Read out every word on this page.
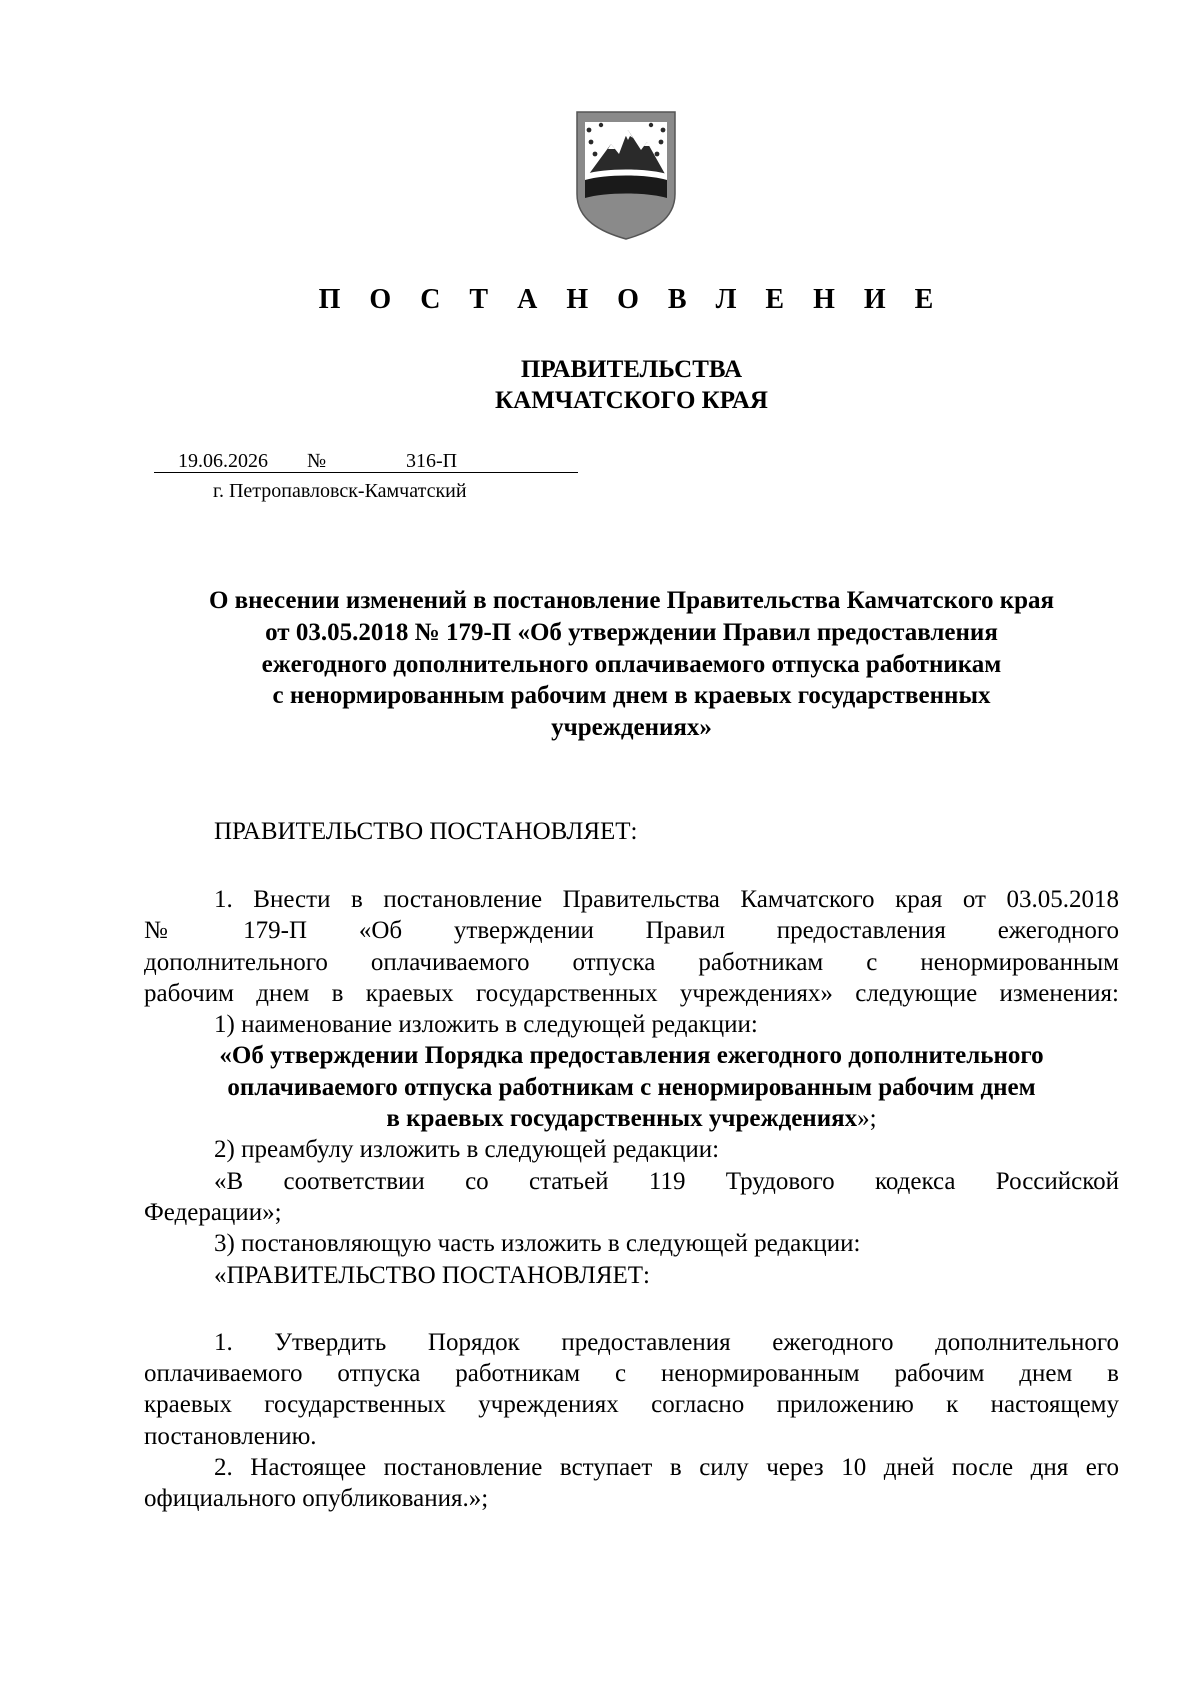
П О С Т А Н О В Л Е Н И Е
ПРАВИТЕЛЬСТВА
КАМЧАТСКОГО КРАЯ
19.06.2026 №	316-П
г. Петропавловск-Камчатский
О внесении изменений в постановление Правительства Камчатского края
от 03.05.2018 № 179-П «Об утверждении Правил предоставления
ежегодного дополнительного оплачиваемого отпуска работникам
с ненормированным рабочим днем в краевых государственных
учреждениях»

ПРАВИТЕЛЬСТВО ПОСТАНОВЛЯЕТ:

1. Внести в постановление Правительства Камчатского края от 03.05.2018

№ 179-П «Об утверждении Правил предоставления ежегодного

дополнительного оплачиваемого отпуска работникам с ненормированным

рабочим днем в краевых государственных учреждениях» следующие изменения:

1) наименование изложить в следующей редакции:

«Об утверждении Порядка предоставления ежегодного дополнительного

оплачиваемого отпуска работникам с ненормированным рабочим днем

в краевых государственных учреждениях»;

2) преамбулу изложить в следующей редакции:

«В соответствии со статьей 119 Трудового кодекса Российской

Федерации»;

3) постановляющую часть изложить в следующей редакции:

«ПРАВИТЕЛЬСТВО ПОСТАНОВЛЯЕТ:

1. Утвердить Порядок предоставления ежегодного дополнительного

оплачиваемого отпуска работникам с ненормированным рабочим днем в

краевых государственных учреждениях согласно приложению к настоящему

постановлению.

2. Настоящее постановление вступает в силу через 10 дней после дня его

официального опубликования.»;
